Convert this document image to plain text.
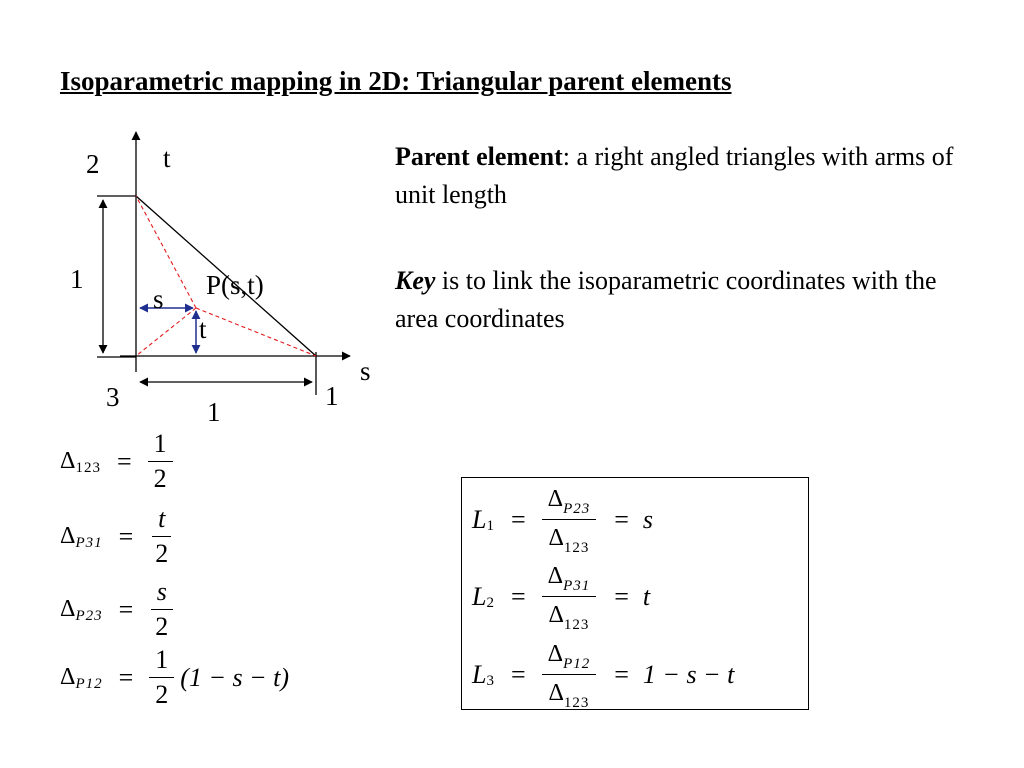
Isoparametric mapping in 2D: Triangular parent elements
t
2
1	P(s,t)
s
t
s
3	1
1
Parent element: a right angled triangles with arms of unit length
Key is to link the isoparametric coordinates with the area coordinates
Δ $123 = \frac{1}{2}$
Δ $P31 = \frac{t}{2}$
Δ $P23 = \frac{s}{2}$
Δ $P12 = \frac{1}{2} (1 - s - t)$
L $1 = \frac{\Delta_{P23}}{\Delta_{123}} = s$
L $2 = \frac{\Delta_{P31}}{\Delta_{123}} = t$
L $3 = \frac{\Delta_{P12}}{\Delta_{123}} = 1 - s - t$
